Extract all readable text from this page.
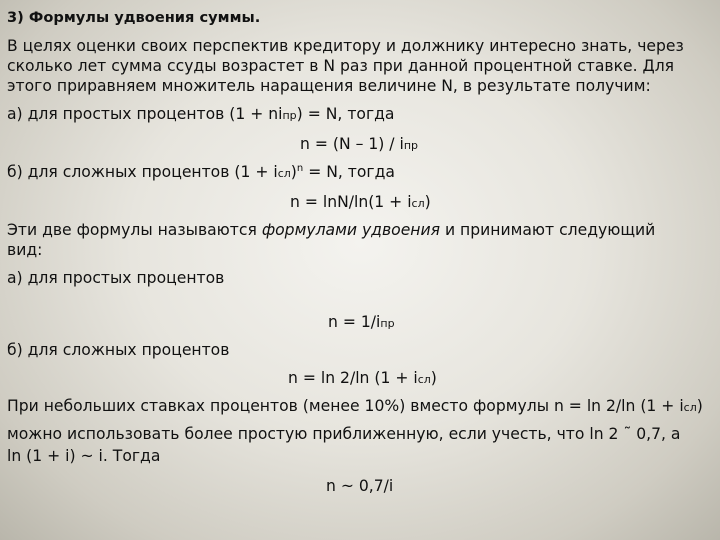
3) Формулы удвоения суммы.
В целях оценки своих перспектив кредитору и должнику интересно знать, через
сколько лет сумма ссуды возрастет в N раз при данной процентной ставке. Для
этого приравняем множитель наращения величине N, в результате получим:
а) для простых процентов (1 + niпр) = N, тогда
n = (N – 1) / iпр
б) для сложных процентов (1 + iсл)$^n$ = N, тогда
n = lnN/ln(1 + iсл)
Эти две формулы называются формулами удвоения и принимают следующий
вид:
а) для простых процентов
n = 1/iпр
б) для сложных процентов
n = ln 2/ln (1 + iсл)
При небольших ставках процентов (менее 10%) вместо формулы n = ln 2/ln (1 + iсл)
можно использовать более простую приближенную, если учесть, что ln 2 ˜ 0,7, а
ln (1 + i) ~ i. Тогда
n ~ 0,7/i
